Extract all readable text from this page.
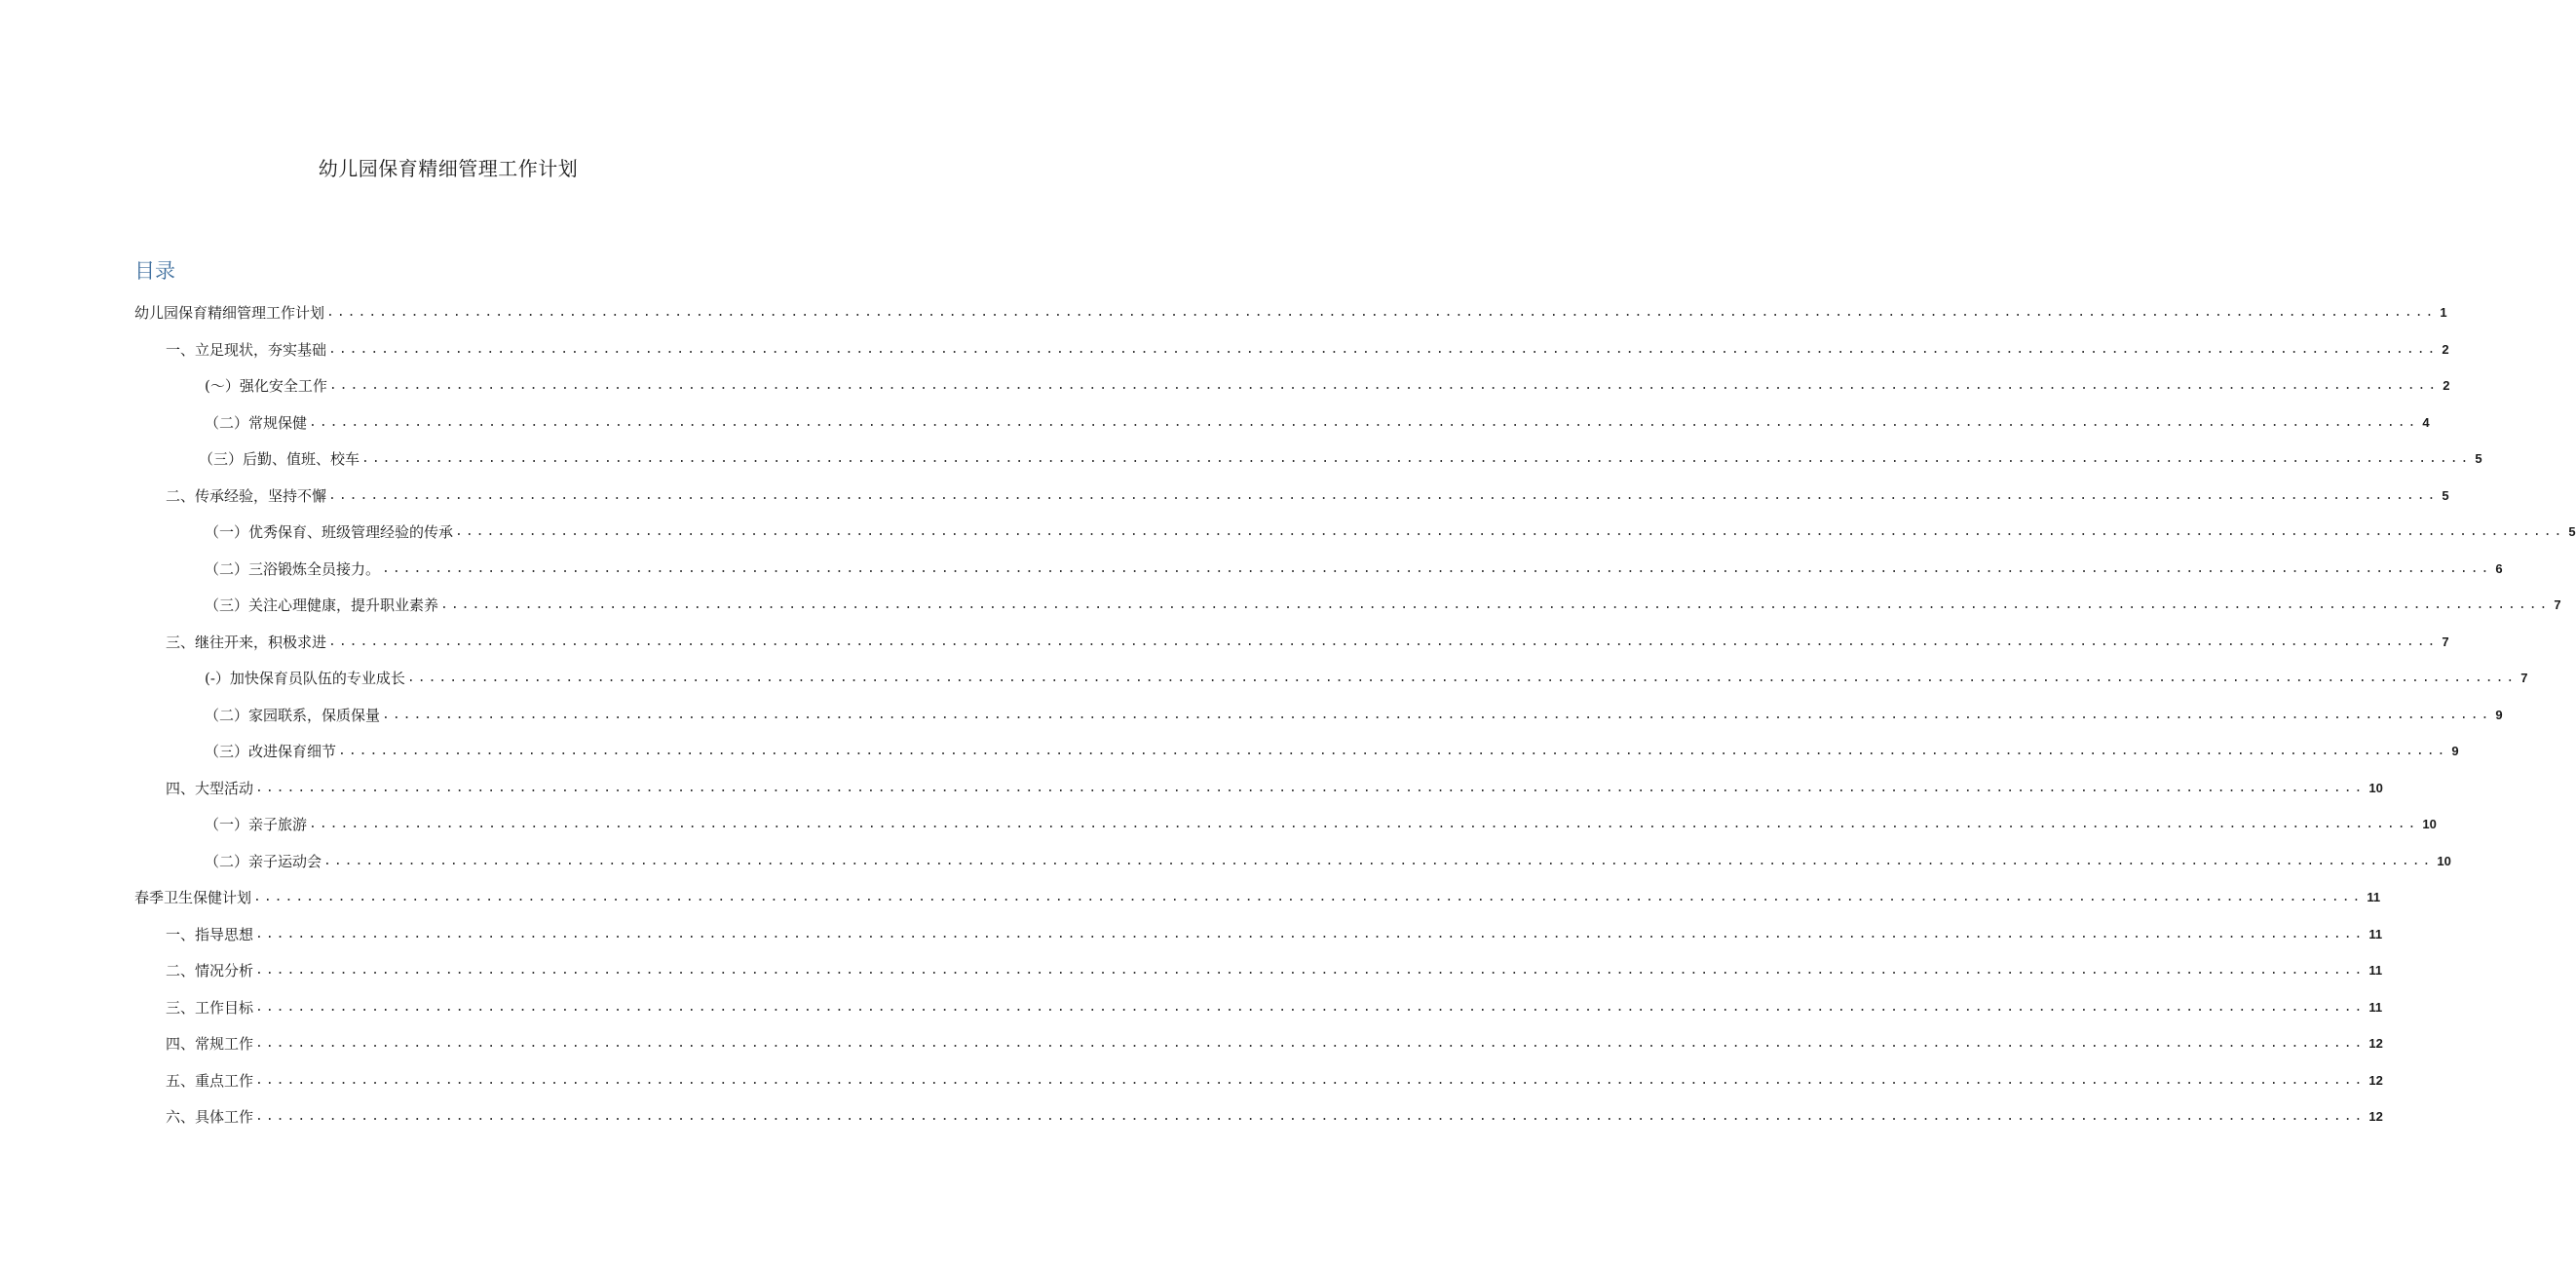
幼儿园保育精细管理工作计划
目录
幼儿园保育精细管理工作计划 ........................................................................................................................................................................................................ 1
一、立足现状，夯实基础 ........................................................................................................................................................................................................ 2
(〜）强化安全工作 ........................................................................................................................................................................................................ 2
（二）常规保健 ........................................................................................................................................................................................................ 4
（三）后勤、值班、校车 ........................................................................................................................................................................................................ 5
二、传承经验，坚持不懈 ........................................................................................................................................................................................................ 5
（一）优秀保育、班级管理经验的传承 ........................................................................................................................................................................................................ 5
（二）三浴锻炼全员接力。 ........................................................................................................................................................................................................ 6
（三）关注心理健康，提升职业素养 ........................................................................................................................................................................................................ 7
三、继往开来，积极求进 ........................................................................................................................................................................................................ 7
(-）加快保育员队伍的专业成长 ........................................................................................................................................................................................................ 7
（二）家园联系，保质保量 ........................................................................................................................................................................................................ 9
（三）改进保育细节 ........................................................................................................................................................................................................ 9
四、大型活动 ........................................................................................................................................................................................................ 10
（一）亲子旅游 ........................................................................................................................................................................................................ 10
（二）亲子运动会 ........................................................................................................................................................................................................ 10
春季卫生保健计划 ........................................................................................................................................................................................................ 11
一、指导思想 ........................................................................................................................................................................................................ 11
二、情况分析 ........................................................................................................................................................................................................ 11
三、工作目标 ........................................................................................................................................................................................................ 11
四、常规工作 ........................................................................................................................................................................................................ 12
五、重点工作 ........................................................................................................................................................................................................ 12
六、具体工作 ........................................................................................................................................................................................................ 12
